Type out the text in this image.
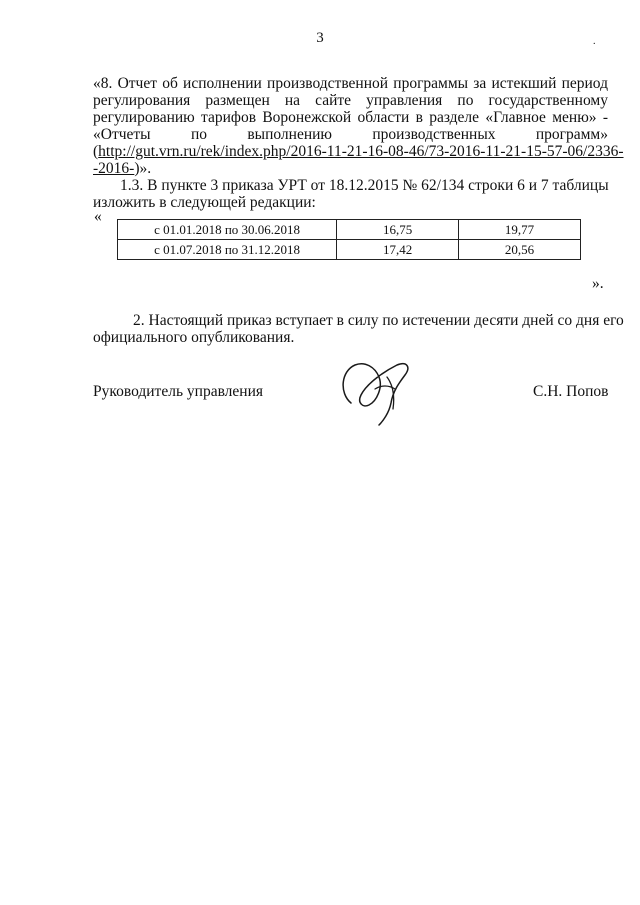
3	.
«8. Отчет об исполнении производственной программы за истекший период
регулирования размещен на сайте управления по государственному
регулированию тарифов Воронежской области в разделе «Главное меню» -
«Отчеты по выполнению производственных программ»
(http://gut.vrn.ru/rek/index.php/2016-11-21-16-08-46/73-2016-11-21-15-57-06/2336-
-2016-)».
1.3. В пункте 3 приказа УРТ от 18.12.2015 № 62/134 строки 6 и 7 таблицы
изложить в следующей редакции:
«
с 01.01.2018 по 30.06.2018	16,75	19,77
с 01.07.2018 по 31.12.2018	17,42	20,56
».
2. Настоящий приказ вступает в силу по истечении десяти дней со дня его
официального опубликования.
Руководитель управления	С.Н. Попов
